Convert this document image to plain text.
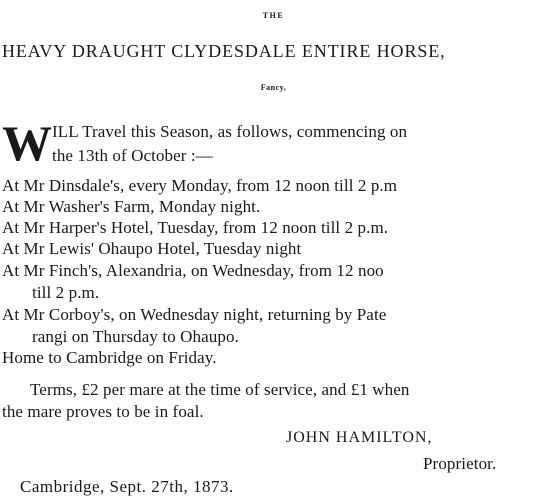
THE
HEAVY DRAUGHT CLYDESDALE ENTIRE HORSE,
Fancy,
W ILL Travel this Season, as follows, commencing on
the 13th of October :—
At Mr Dinsdale's, every Monday, from 12 noon till 2 p.m
At Mr Washer's Farm, Monday night.
At Mr Harper's Hotel, Tuesday, from 12 noon till 2 p.m.
At Mr Lewis' Ohaupo Hotel, Tuesday night
At Mr Finch's, Alexandria, on Wednesday, from 12 noo
till 2 p.m.
At Mr Corboy's, on Wednesday night, returning by Pate
rangi on Thursday to Ohaupo.
Home to Cambridge on Friday.
Terms, £2 per mare at the time of service, and £1 when
the mare proves to be in foal.
JOHN HAMILTON,
Proprietor.
Cambridge, Sept. 27th, 1873.
